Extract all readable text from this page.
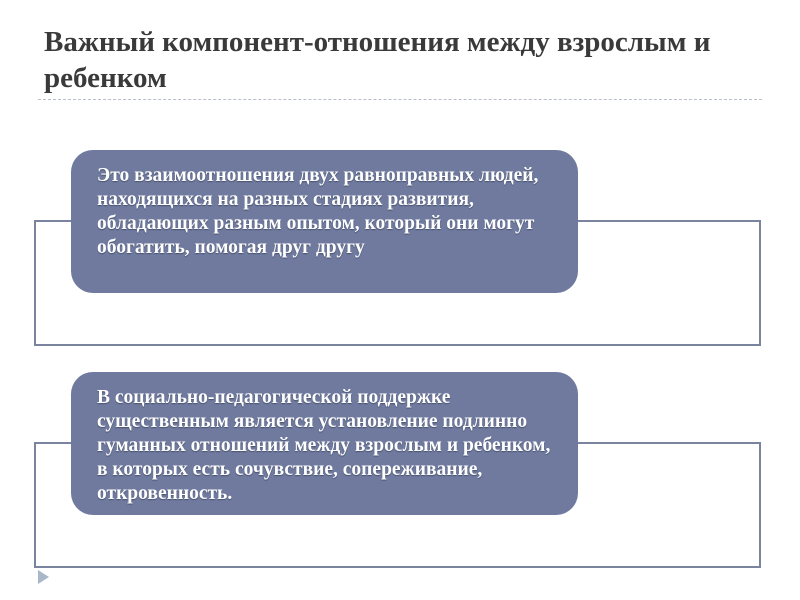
Важный компонент-отношения между взрослым и ребенком
Это взаимоотношения двух равноправных людей, находящихся на разных стадиях развития, обладающих разным опытом, который они могут обогатить, помогая друг другу
В социально-педагогической поддержке существенным является установление подлинно гуманных отношений между взрослым и ребенком, в которых есть сочувствие, сопереживание, откровенность.
